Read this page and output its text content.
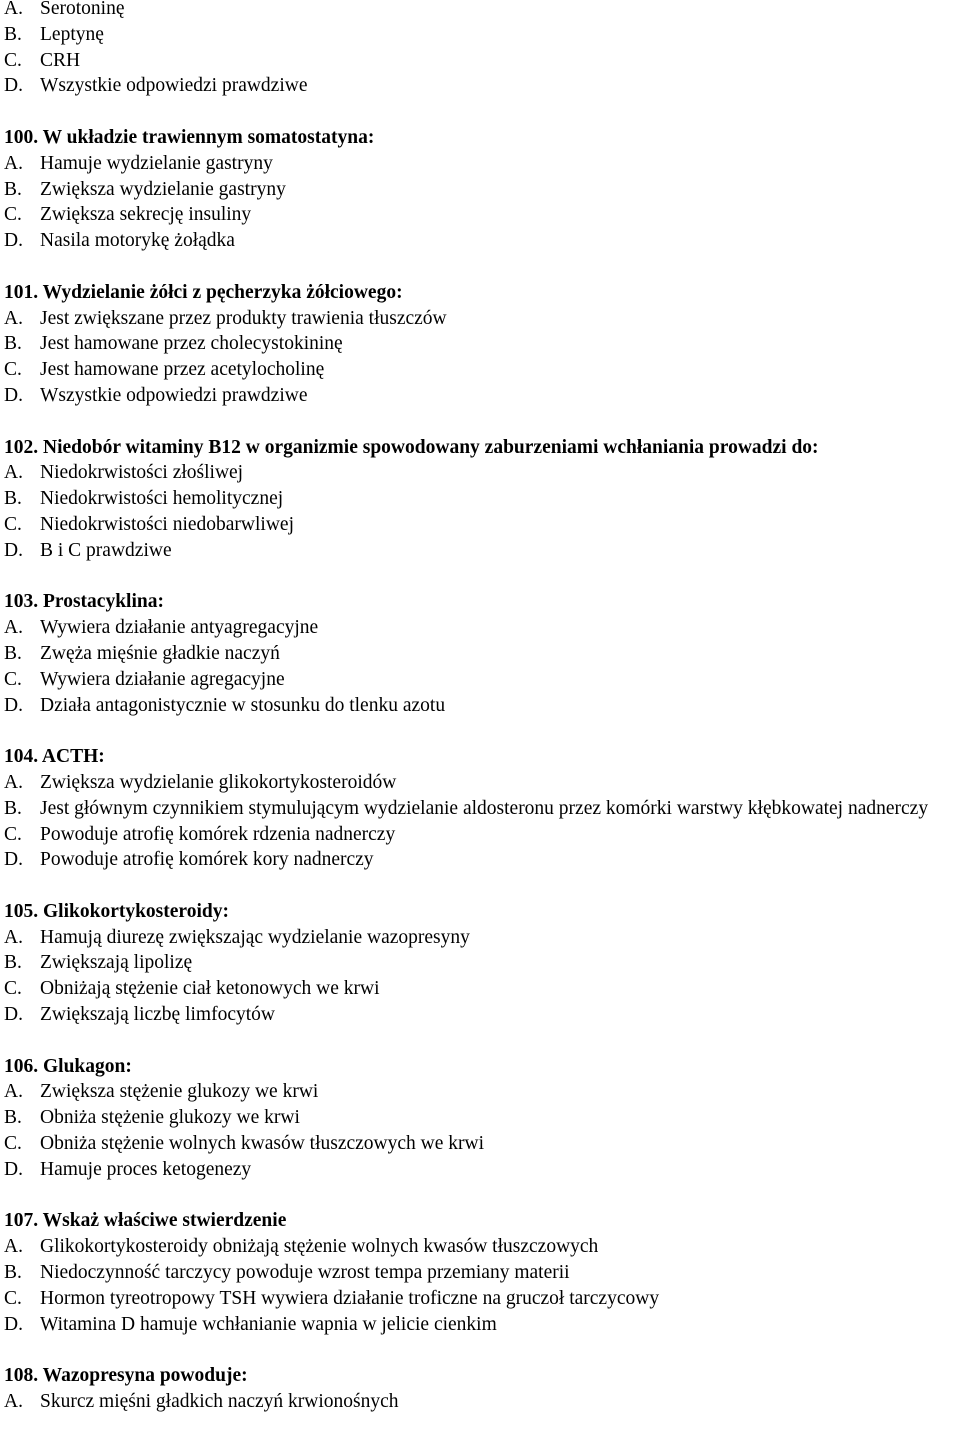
A. Serotoninę

B. Leptynę

C. CRH

D. Wszystkie odpowiedzi prawdziwe

100. W układzie trawiennym somatostatyna:

A. Hamuje wydzielanie gastryny

B. Zwiększa wydzielanie gastryny

C. Zwiększa sekrecję insuliny

D. Nasila motorykę żołądka

101. Wydzielanie żółci z pęcherzyka żółciowego:

A. Jest zwiększane przez produkty trawienia tłuszczów

B. Jest hamowane przez cholecystokininę

C. Jest hamowane przez acetylocholinę

D. Wszystkie odpowiedzi prawdziwe

102. Niedobór witaminy B12 w organizmie spowodowany zaburzeniami wchłaniania prowadzi do:

A. Niedokrwistości złośliwej

B. Niedokrwistości hemolitycznej

C. Niedokrwistości niedobarwliwej

D. B i C prawdziwe

103. Prostacyklina:

A. Wywiera działanie antyagregacyjne

B. Zwęża mięśnie gładkie naczyń

C. Wywiera działanie agregacyjne

D. Działa antagonistycznie w stosunku do tlenku azotu

104. ACTH:

A. Zwiększa wydzielanie glikokortykosteroidów

B. Jest głównym czynnikiem stymulującym wydzielanie aldosteronu przez komórki warstwy kłębkowatej nadnerczy

C. Powoduje atrofię komórek rdzenia nadnerczy

D. Powoduje atrofię komórek kory nadnerczy

105. Glikokortykosteroidy:

A. Hamują diurezę zwiększając wydzielanie wazopresyny

B. Zwiększają lipolizę

C. Obniżają stężenie ciał ketonowych we krwi

D. Zwiększają liczbę limfocytów

106. Glukagon:

A. Zwiększa stężenie glukozy we krwi

B. Obniża stężenie glukozy we krwi

C. Obniża stężenie wolnych kwasów tłuszczowych we krwi

D. Hamuje proces ketogenezy

107. Wskaż właściwe stwierdzenie

A. Glikokortykosteroidy obniżają stężenie wolnych kwasów tłuszczowych

B. Niedoczynność tarczycy powoduje wzrost tempa przemiany materii

C. Hormon tyreotropowy TSH wywiera działanie troficzne na gruczoł tarczycowy

D. Witamina D hamuje wchłanianie wapnia w jelicie cienkim

108. Wazopresyna powoduje:

A. Skurcz mięśni gładkich naczyń krwionośnych
